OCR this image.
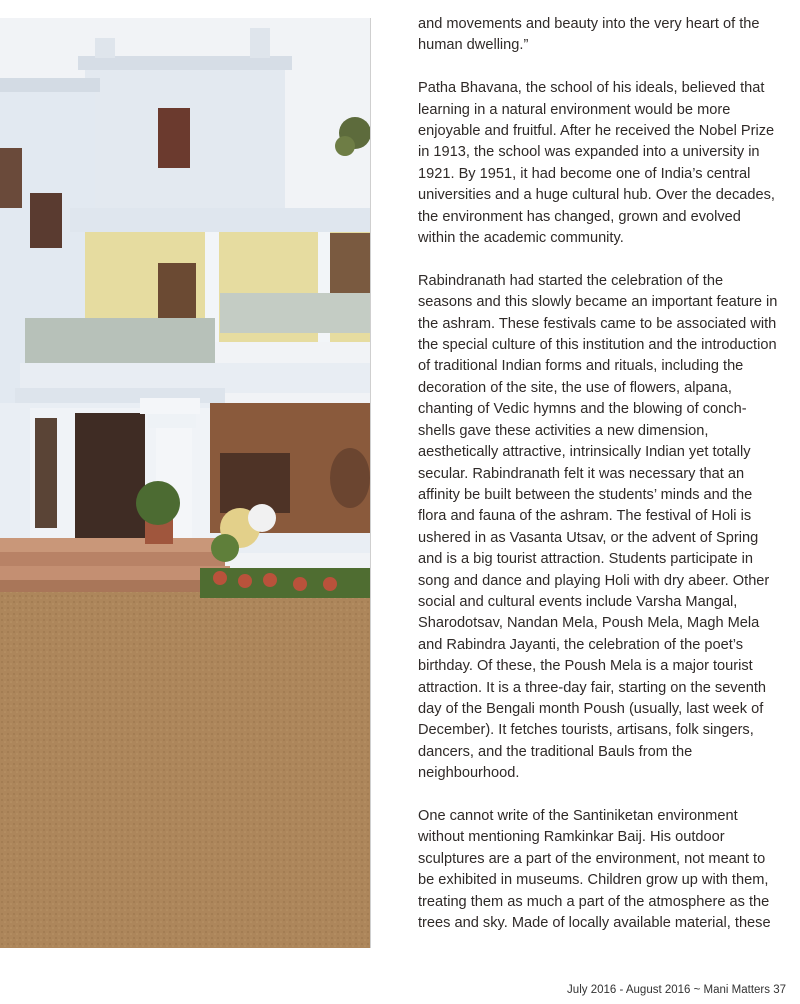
and movements and beauty into the very heart of the human dwelling.”

Patha Bhavana, the school of his ideals, believed that learning in a natural environment would be more enjoyable and fruitful. After he received the Nobel Prize in 1913, the school was expanded into a university in 1921. By 1951, it had become one of India’s central universities and a huge cultural hub. Over the decades, the environment has changed, grown and evolved within the academic community.

Rabindranath had started the celebration of the seasons and this slowly became an important feature in the ashram. These festivals came to be associated with the special culture of this institution and the introduction of traditional Indian forms and rituals, including the decoration of the site, the use of flowers, alpana, chanting of Vedic hymns and the blowing of conch-shells gave these activities a new dimension, aesthetically attractive, intrinsically Indian yet totally secular. Rabindranath felt it was necessary that an affinity be built between the students’ minds and the flora and fauna of the ashram. The festival of Holi is ushered in as Vasanta Utsav, or the advent of Spring and is a big tourist attraction. Students participate in song and dance and playing Holi with dry abeer. Other social and cultural events include Varsha Mangal, Sharodotsav, Nandan Mela, Poush Mela, Magh Mela and Rabindra Jayanti, the celebration of the poet’s birthday. Of these, the Poush Mela is a major tourist attraction. It is a three-day fair, starting on the seventh day of the Bengali month Poush (usually, last week of December). It fetches tourists, artisans, folk singers, dancers, and the traditional Bauls from the neighbourhood.

One cannot write of the Santiniketan environment without mentioning Ramkinkar Baij. His outdoor sculptures are a part of the environment, not meant to be exhibited in museums. Children grow up with them, treating them as much a part of the atmosphere as the trees and sky. Made of locally available material, these

July 2016 - August 2016 ~ Mani Matters 37
